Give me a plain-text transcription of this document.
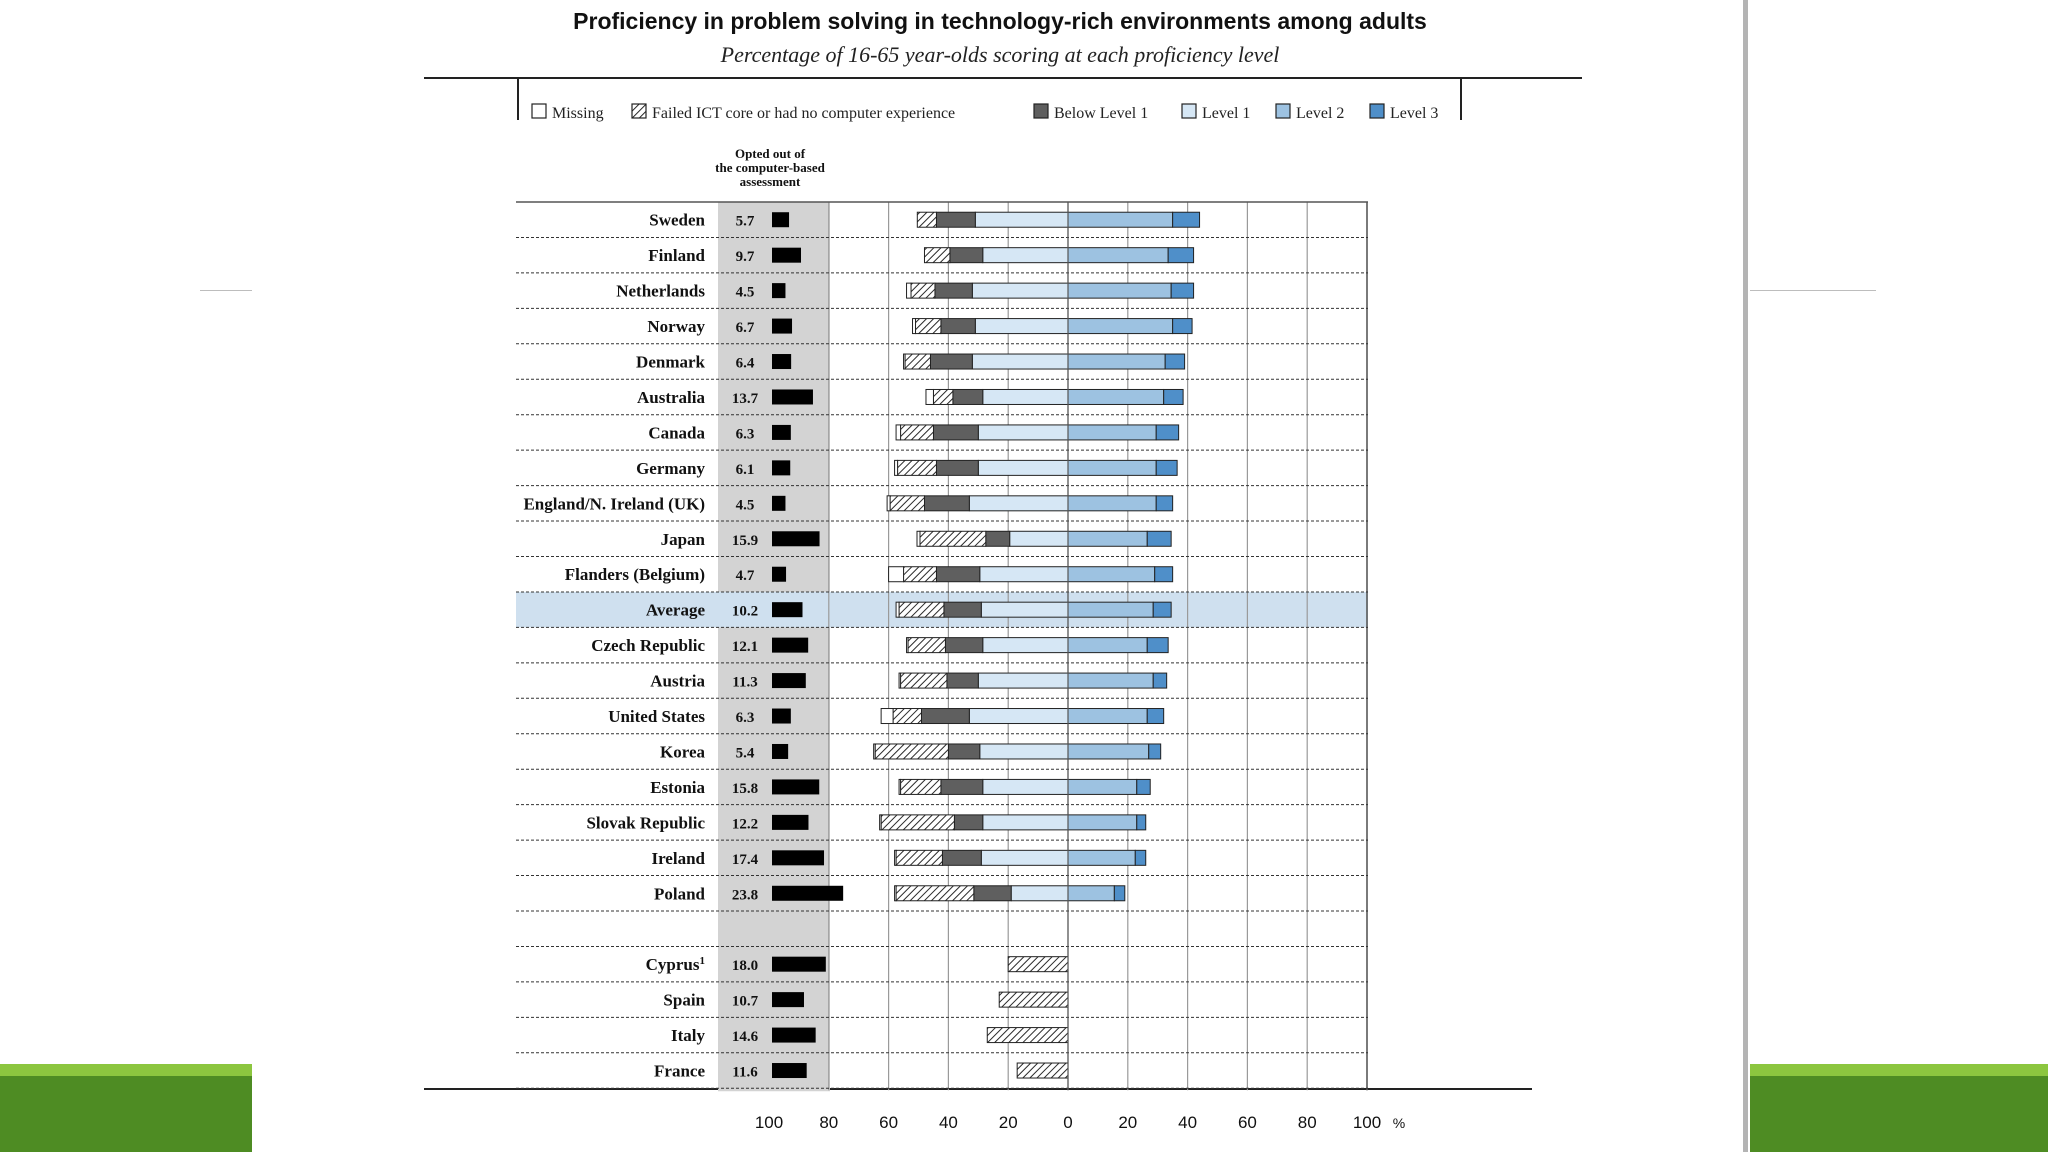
Proficiency in problem solving in technology-rich environments among adults
Percentage of 16-65 year-olds scoring at each proficiency level
Missing	Failed ICT core or had no computer experience	Below Level 1	Level 1	Level 2	Level 3
Opted out of
the computer-based
assessment
Sweden 5.7
Finland 9.7
Netherlands 4.5
Norway 6.7
Denmark 6.4
Australia 13.7
Canada 6.3
Germany 6.1
England/N. Ireland (UK) 4.5
Japan 15.9
Flanders (Belgium) 4.7
Average 10.2
Czech Republic 12.1
Austria 11.3
United States 6.3
Korea 5.4
Estonia 15.8
Slovak Republic 12.2
Ireland 17.4
Poland 23.8
Cyprus$^1$ 18.0
Spain 10.7
Italy 14.6
France 11.6
100 80 60 40 20	0	20 40 60 80 100 %
